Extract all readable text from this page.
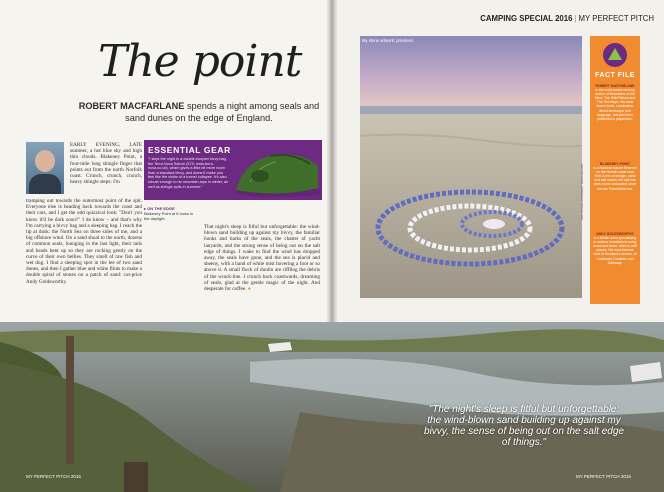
The point
ROBERT MACFARLANE spends a night among seals and sand dunes on the edge of England.
EARLY EVENING, LATE summer, a hot blue sky and high thin clouds. Blakeney Point, a four-mile long shingle finger that points out from the north Norfolk coast. Crunch, crunch, crunch, heavy shingle steps: I'm
tramping out towards the outermost point of the spit. Everyone else is heading back towards the coast and their cars, and I get the odd quizzical look: "Don't you know it'll be dark soon?" I do know – and that's why I'm carrying a bivvy bag and a sleeping bag. I reach the tip at dusk: the North Sea on three sides of me, and a big offshore wind. On a sand shoal to the north, dozens of common seals, lounging in the last light, their tails and heads bent up so they are rocking gently on the curve of their own bellies. They smell of raw fish and wet dog. I find a sleeping spot in the lee of two sand dunes, and then I gather blue and white flints to make a double spiral of stones on a patch of sand: cut-price Andy Goldsworthy.
That night's sleep is fitful but unforgettable: the wind-blown sand building up against my bivvy, the familiar honks and barks of the seals, the chatter of yacht lanyards, and the strong sense of being out on the salt edge of things. I wake to find the wind has dropped away, the seals have gone, and the sea is placid and sheeny, with a band of white mist hovering a foot or so above it. A small flock of dunlin are riffling the debris of the wrack-line. I crunch back coastwards, dreaming of seals, glad at the gentle magic of the night. And desperate for coffee. ●
ESSENTIAL GEAR

"I slept the night in a double-hooped bivvy bag, the Terra Nova Saturn (£75; www.terra-nova.co.uk), which gives a little bit more room than a standard bivvy, and doesn't make you feel like the victim of a tunnel collapse. It's also robust enough to do mountain-tops in winter, as well as shingle spits in summer."

▸ ON THE EDGE
Blakeney Point at 8 looks in the daylight.
CAMPING SPECIAL 2016 | MY PERFECT PITCH
My stone artwork: priceless.
AMY DOUGLAS/ROBERT MACFARLANE
FACT FILE
ROBERT MACFARLANE
is the multi-award-winning author of Mountains of the Mind, The Wild Places and The Old Ways. His most recent book, Landmarks, about landscape and language, has just been published in paperback.
BLAKENEY POINT
is a National Nature Reserve on the Norfolk coast near Holt. A mix of shingle, sand and salt marsh, the spit has year-round occupation since the late Palaeolithic era.
ANDY GOLDSWORTHY
is a British artist specialising in outdoor installations using wood and stone, often in wild places. His most famous work is Scotland's Arches, at Caolasaid, Dumfries and Galloway.
"The night's sleep is fitful but unforgettable: the wind-blown sand building up against my bivvy, the sense of being out on the salt edge of things."
MY PERFECT PITCH 2016	MY PERFECT PITCH 2016
